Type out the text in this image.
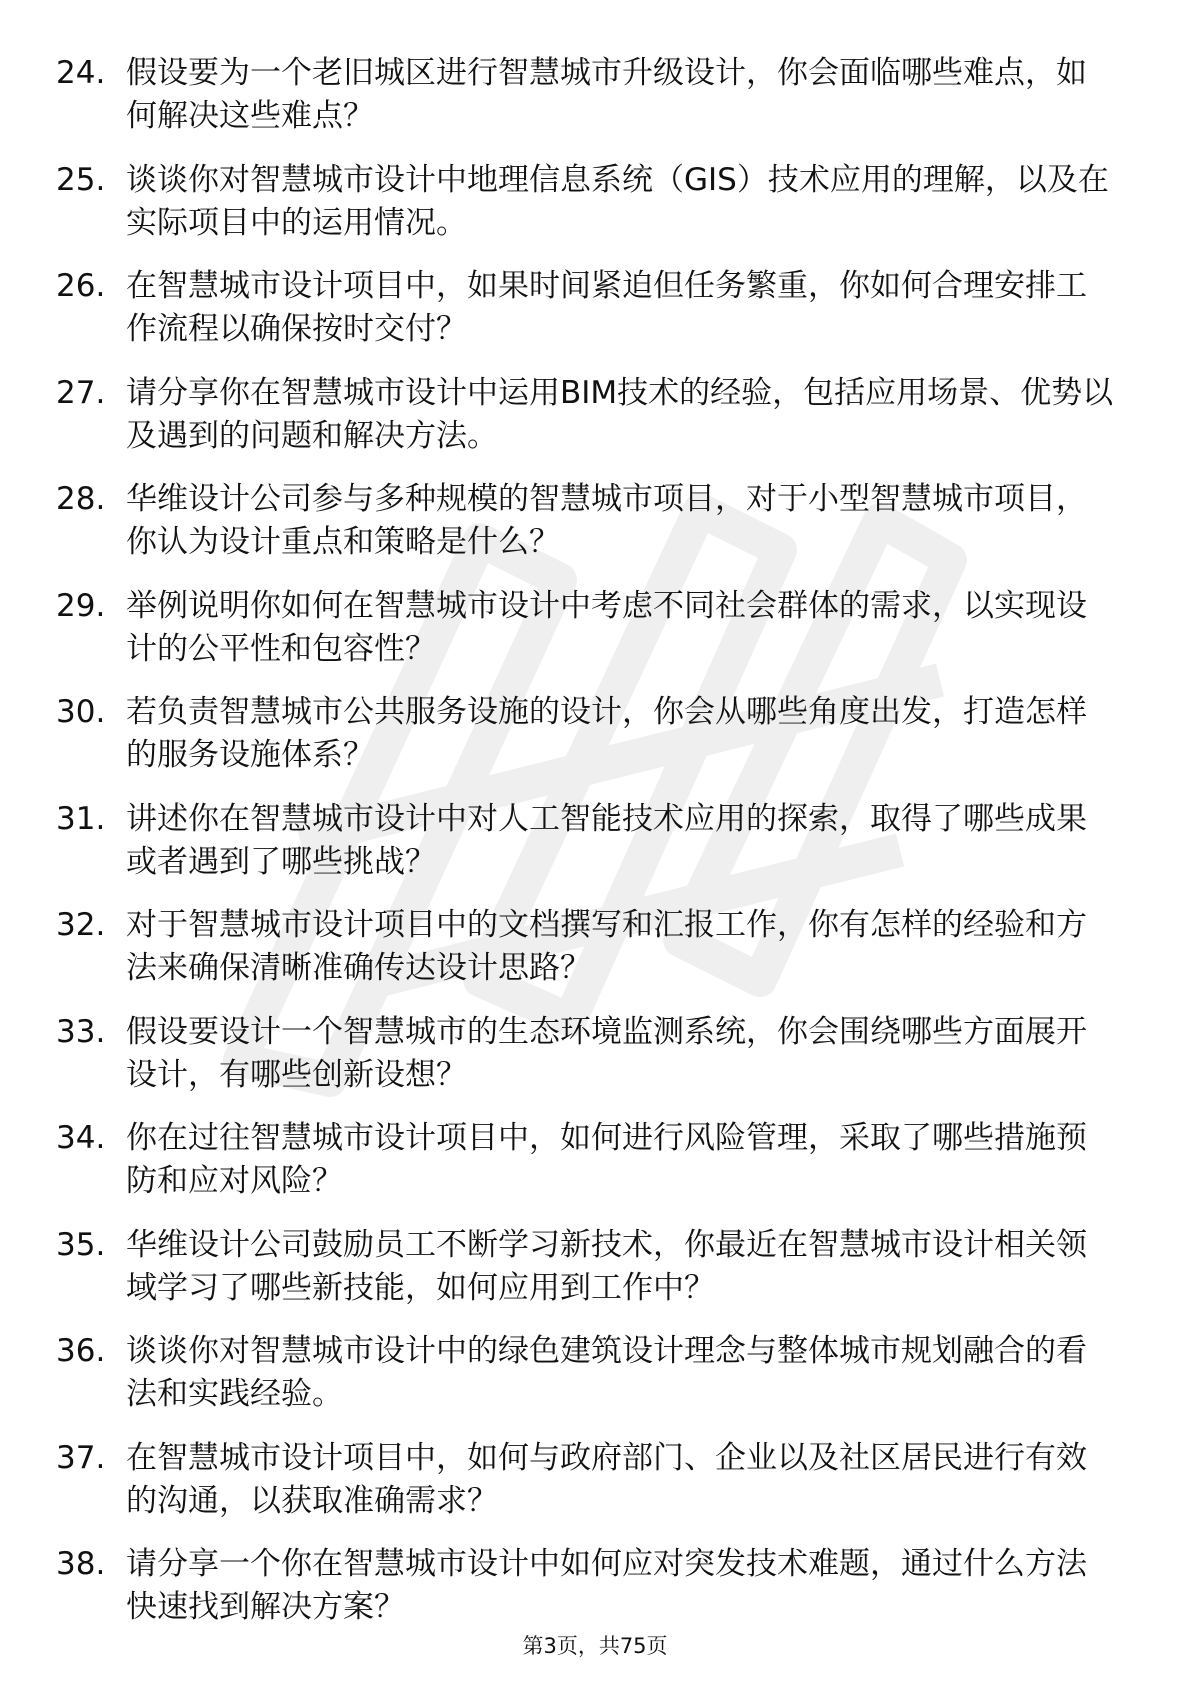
24. 假设要为一个老旧城区进行智慧城市升级设计，你会面临哪些难点，如何解决这些难点？
25. 谈谈你对智慧城市设计中地理信息系统（GIS）技术应用的理解，以及在实际项目中的运用情况。
26. 在智慧城市设计项目中，如果时间紧迫但任务繁重，你如何合理安排工作流程以确保按时交付？
27. 请分享你在智慧城市设计中运用BIM技术的经验，包括应用场景、优势以及遇到的问题和解决方法。
28. 华维设计公司参与多种规模的智慧城市项目，对于小型智慧城市项目，你认为设计重点和策略是什么？
29. 举例说明你如何在智慧城市设计中考虑不同社会群体的需求，以实现设计的公平性和包容性？
30. 若负责智慧城市公共服务设施的设计，你会从哪些角度出发，打造怎样的服务设施体系？
31. 讲述你在智慧城市设计中对人工智能技术应用的探索，取得了哪些成果或者遇到了哪些挑战？
32. 对于智慧城市设计项目中的文档撰写和汇报工作，你有怎样的经验和方法来确保清晰准确传达设计思路？
33. 假设要设计一个智慧城市的生态环境监测系统，你会围绕哪些方面展开设计，有哪些创新设想？
34. 你在过往智慧城市设计项目中，如何进行风险管理，采取了哪些措施预防和应对风险？
35. 华维设计公司鼓励员工不断学习新技术，你最近在智慧城市设计相关领域学习了哪些新技能，如何应用到工作中？
36. 谈谈你对智慧城市设计中的绿色建筑设计理念与整体城市规划融合的看法和实践经验。
37. 在智慧城市设计项目中，如何与政府部门、企业以及社区居民进行有效的沟通，以获取准确需求？
38. 请分享一个你在智慧城市设计中如何应对突发技术难题，通过什么方法快速找到解决方案？
第3页，共75页
